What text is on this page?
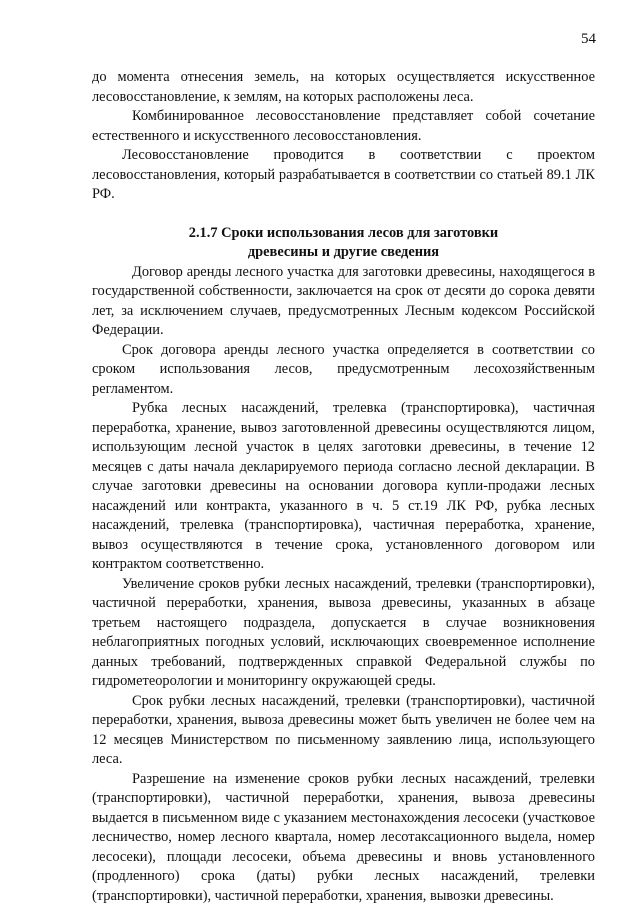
54

до момента отнесения земель, на которых осуществляется искусственное лесовосстановление, к землям, на которых расположены леса.

Комбинированное лесовосстановление представляет собой сочетание естественного и искусственного лесовосстановления.

Лесовосстановление проводится в соответствии с проектом лесовосстановления, который разрабатывается в соответствии со статьей 89.1 ЛК РФ.

2.1.7 Сроки использования лесов для заготовки
древесины и другие сведения

Договор аренды лесного участка для заготовки древесины, находящегося в государственной собственности, заключается на срок от десяти до сорока девяти лет, за исключением случаев, предусмотренных Лесным кодексом Российской Федерации.

Срок договора аренды лесного участка определяется в соответствии со сроком использования лесов, предусмотренным лесохозяйственным регламентом.

Рубка лесных насаждений, трелевка (транспортировка), частичная переработка, хранение, вывоз заготовленной древесины осуществляются лицом, использующим лесной участок в целях заготовки древесины, в течение 12 месяцев с даты начала декларируемого периода согласно лесной декларации. В случае заготовки древесины на основании договора купли-продажи лесных насаждений или контракта, указанного в ч. 5 ст.19 ЛК РФ, рубка лесных насаждений, трелевка (транспортировка), частичная переработка, хранение, вывоз осуществляются в течение срока, установленного договором или контрактом соответственно.

Увеличение сроков рубки лесных насаждений, трелевки (транспортировки), частичной переработки, хранения, вывоза древесины, указанных в абзаце третьем настоящего подраздела, допускается в случае возникновения неблагоприятных погодных условий, исключающих своевременное исполнение данных требований, подтвержденных справкой Федеральной службы по гидрометеорологии и мониторингу окружающей среды.

Срок рубки лесных насаждений, трелевки (транспортировки), частичной переработки, хранения, вывоза древесины может быть увеличен не более чем на 12 месяцев Министерством по письменному заявлению лица, использующего леса.

Разрешение на изменение сроков рубки лесных насаждений, трелевки (транспортировки), частичной переработки, хранения, вывоза древесины выдается в письменном виде с указанием местонахождения лесосеки (участковое лесничество, номер лесного квартала, номер лесотаксационного выдела, номер лесосеки), площади лесосеки, объема древесины и вновь установленного (продленного) срока (даты) рубки лесных насаждений, трелевки (транспортировки), частичной переработки, хранения, вывозки древесины.
